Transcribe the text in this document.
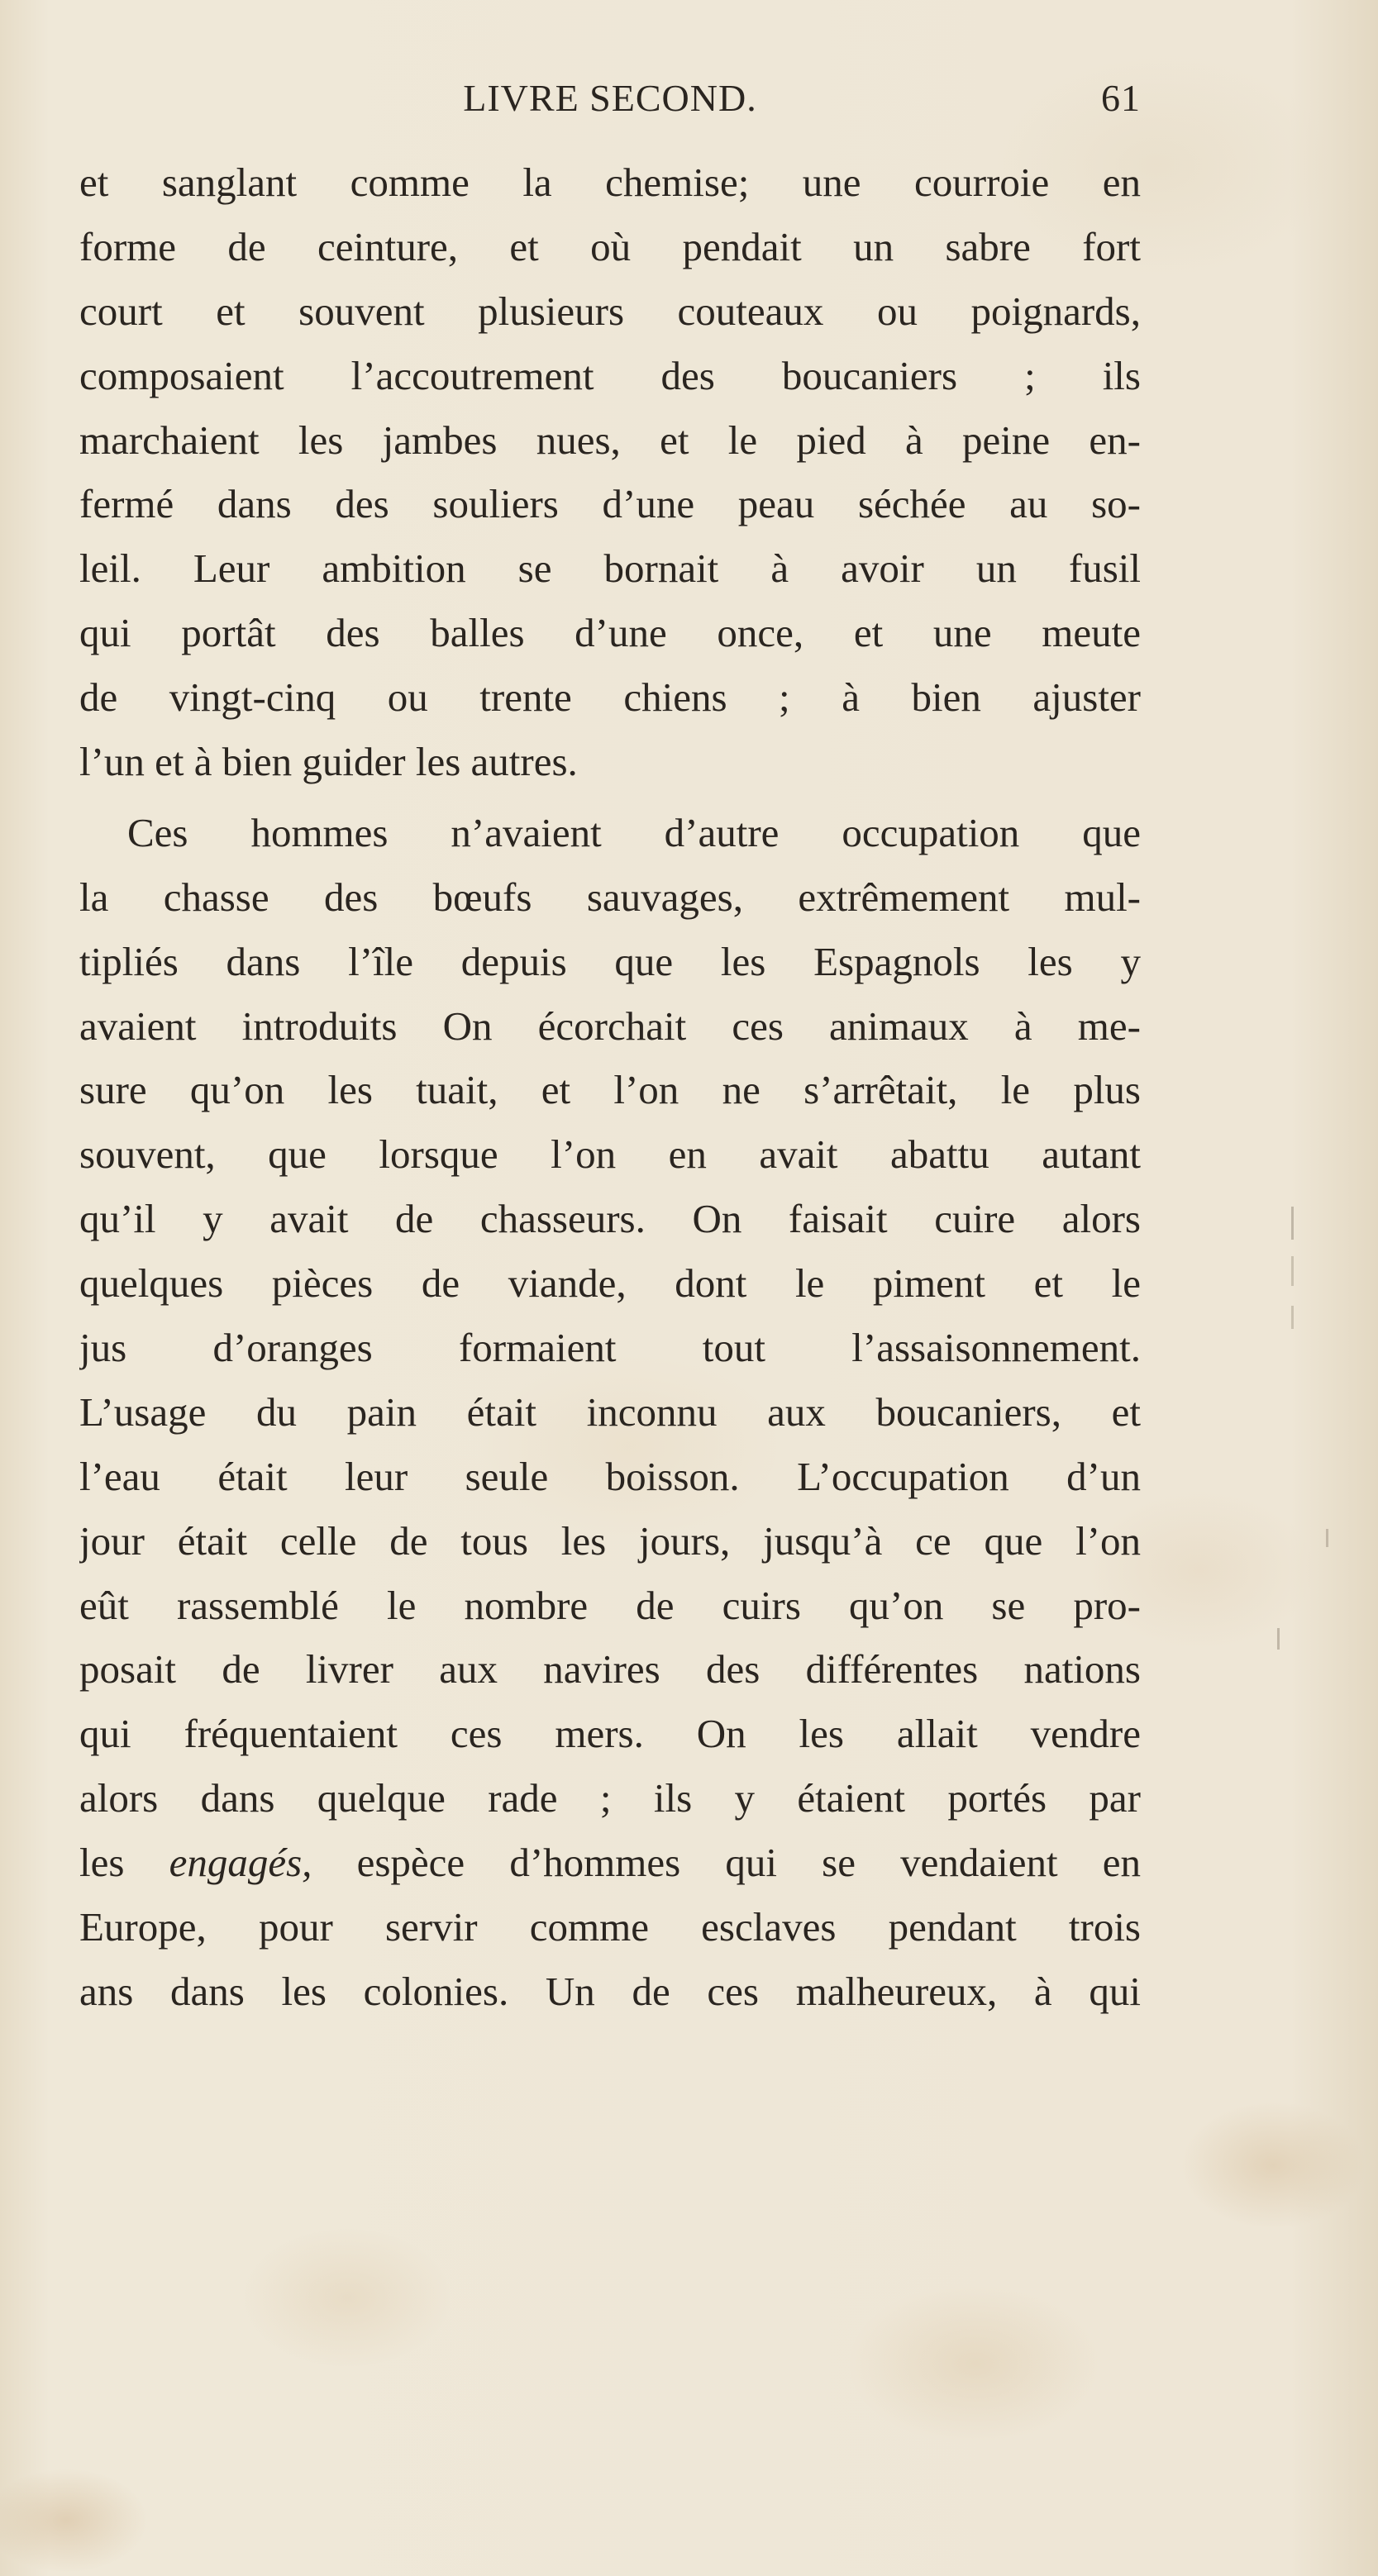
LIVRE SECOND.	61
et sanglant comme la chemise; une courroie en
forme de ceinture, et où pendait un sabre fort
court et souvent plusieurs couteaux ou poignards,
composaient l’accoutrement des boucaniers ; ils
marchaient les jambes nues, et le pied à peine en-
fermé dans des souliers d’une peau séchée au so-
leil. Leur ambition se bornait à avoir un fusil
qui portât des balles d’une once, et une meute
de vingt-cinq ou trente chiens ; à bien ajuster
l’un et à bien guider les autres.
Ces hommes n’avaient d’autre occupation que
la chasse des bœufs sauvages, extrêmement mul-
tipliés dans l’île depuis que les Espagnols les y
avaient introduits On écorchait ces animaux à me-
sure qu’on les tuait, et l’on ne s’arrêtait, le plus
souvent, que lorsque l’on en avait abattu autant
qu’il y avait de chasseurs. On faisait cuire alors
quelques pièces de viande, dont le piment et le
jus d’oranges formaient tout l’assaisonnement.
L’usage du pain était inconnu aux boucaniers, et
l’eau était leur seule boisson. L’occupation d’un
jour était celle de tous les jours, jusqu’à ce que l’on
eût rassemblé le nombre de cuirs qu’on se pro-
posait de livrer aux navires des différentes nations
qui fréquentaient ces mers. On les allait vendre
alors dans quelque rade ; ils y étaient portés par
les engagés, espèce d’hommes qui se vendaient en
Europe, pour servir comme esclaves pendant trois
ans dans les colonies. Un de ces malheureux, à qui
